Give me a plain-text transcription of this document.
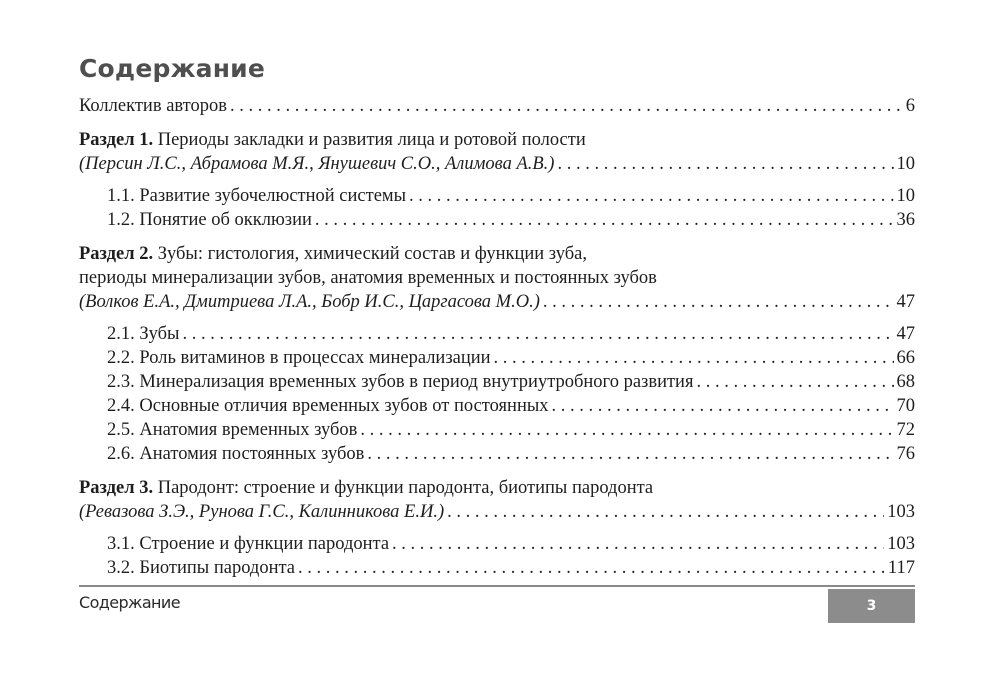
Содержание
Коллектив авторов . . .	6
Раздел 1. Периоды закладки и развития лица и ротовой полости
(Персин Л.С., Абрамова М.Я., Янушевич С.О., Алимова А.В.) . . .	10
1.1. Развитие зубочелюстной системы . . .	10
1.2. Понятие об окклюзии . . .	36
Раздел 2. Зубы: гистология, химический состав и функции зуба,
периоды минерализации зубов, анатомия временных и постоянных зубов
(Волков Е.А., Дмитриева Л.А., Бобр И.С., Царгасова М.О.) . . .	47
2.1. Зубы . . .	47
2.2. Роль витаминов в процессах минерализации . . .	66
2.3. Минерализация временных зубов в период внутриутробного развития . . .	68
2.4. Основные отличия временных зубов от постоянных . . .	70
2.5. Анатомия временных зубов . . .	72
2.6. Анатомия постоянных зубов . . .	76
Раздел 3. Пародонт: строение и функции пародонта, биотипы пародонта
(Ревазова З.Э., Рунова Г.С., Калинникова Е.И.) . . .	103
3.1. Строение и функции пародонта . . .	103
3.2. Биотипы пародонта . . .	117
Содержание	3
